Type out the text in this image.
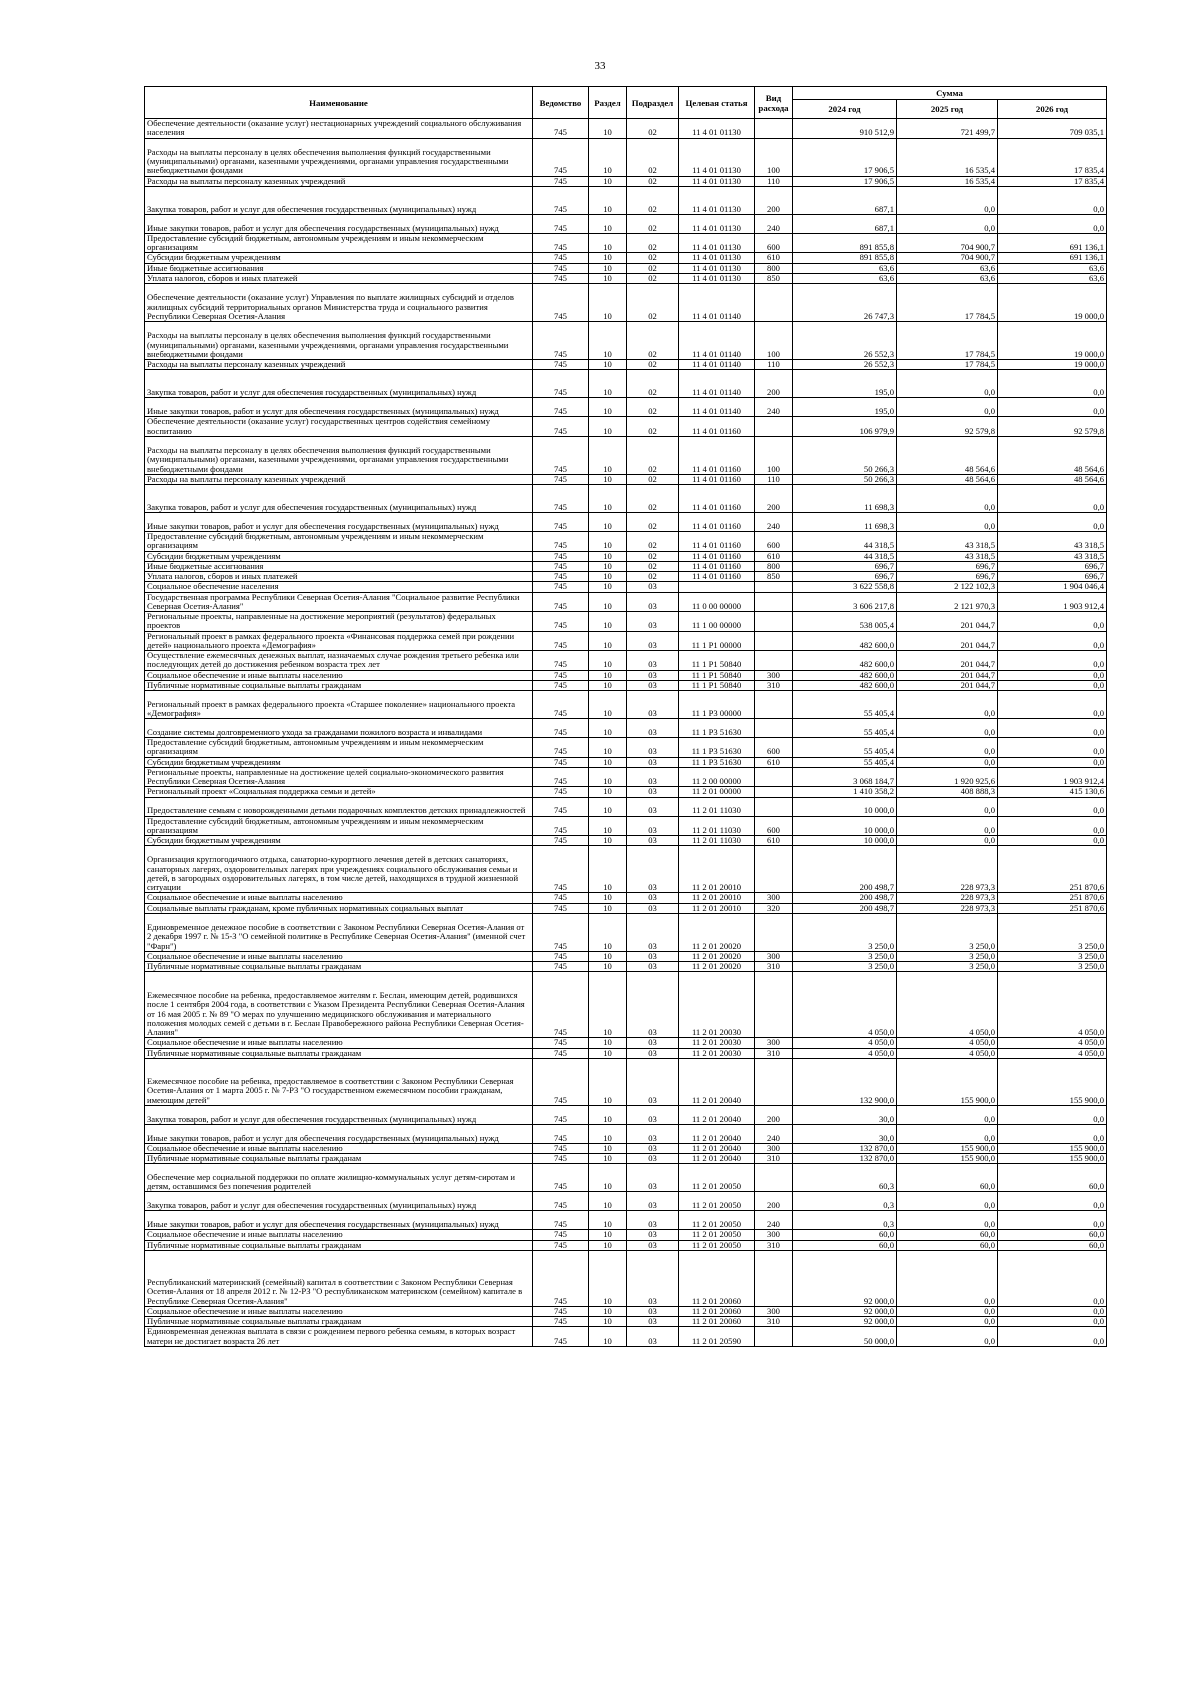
33
Наименование	Ведомство	Раздел	Подраздел	Целевая статья	Вид расхода	Сумма		
						2024 год	2025 год	2026 год
Обеспечение деятельности (оказание услуг) нестационарных учреждений социального обслуживания населения	745	10	02	11 4 01 01130		910 512,9	721 499,7	709 035,1
Расходы на выплаты персоналу в целях обеспечения выполнения функций государственными (муниципальными) органами, казенными учреждениями, органами управления государственными внебюджетными фондами	745	10	02	11 4 01 01130	100	17 906,5	16 535,4	17 835,4
Расходы на выплаты персоналу казенных учреждений	745	10	02	11 4 01 01130	110	17 906,5	16 535,4	17 835,4
Закупка товаров, работ и услуг для обеспечения государственных (муниципальных) нужд	745	10	02	11 4 01 01130	200	687,1	0,0	0,0
Иные закупки товаров, работ и услуг для обеспечения государственных (муниципальных) нужд	745	10	02	11 4 01 01130	240	687,1	0,0	0,0
Предоставление субсидий бюджетным, автономным учреждениям и иным некоммерческим организациям	745	10	02	11 4 01 01130	600	891 855,8	704 900,7	691 136,1
Субсидии бюджетным учреждениям	745	10	02	11 4 01 01130	610	891 855,8	704 900,7	691 136,1
Иные бюджетные ассигнования	745	10	02	11 4 01 01130	800	63,6	63,6	63,6
Уплата налогов, сборов и иных платежей	745	10	02	11 4 01 01130	850	63,6	63,6	63,6
Обеспечение деятельности (оказание услуг) Управления по выплате жилищных субсидий и отделов жилищных субсидий территориальных органов Министерства труда и социального развития Республики Северная Осетия-Алания	745	10	02	11 4 01 01140		26 747,3	17 784,5	19 000,0
Расходы на выплаты персоналу в целях обеспечения выполнения функций государственными (муниципальными) органами, казенными учреждениями, органами управления государственными внебюджетными фондами	745	10	02	11 4 01 01140	100	26 552,3	17 784,5	19 000,0
Расходы на выплаты персоналу казенных учреждений	745	10	02	11 4 01 01140	110	26 552,3	17 784,5	19 000,0
Закупка товаров, работ и услуг для обеспечения государственных (муниципальных) нужд	745	10	02	11 4 01 01140	200	195,0	0,0	0,0
Иные закупки товаров, работ и услуг для обеспечения государственных (муниципальных) нужд	745	10	02	11 4 01 01140	240	195,0	0,0	0,0
Обеспечение деятельности (оказание услуг) государственных центров содействия семейному воспитанию	745	10	02	11 4 01 01160		106 979,9	92 579,8	92 579,8
Расходы на выплаты персоналу в целях обеспечения выполнения функций государственными (муниципальными) органами, казенными учреждениями, органами управления государственными внебюджетными фондами	745	10	02	11 4 01 01160	100	50 266,3	48 564,6	48 564,6
Расходы на выплаты персоналу казенных учреждений	745	10	02	11 4 01 01160	110	50 266,3	48 564,6	48 564,6
Закупка товаров, работ и услуг для обеспечения государственных (муниципальных) нужд	745	10	02	11 4 01 01160	200	11 698,3	0,0	0,0
Иные закупки товаров, работ и услуг для обеспечения государственных (муниципальных) нужд	745	10	02	11 4 01 01160	240	11 698,3	0,0	0,0
Предоставление субсидий бюджетным, автономным учреждениям и иным некоммерческим организациям	745	10	02	11 4 01 01160	600	44 318,5	43 318,5	43 318,5
Субсидии бюджетным учреждениям	745	10	02	11 4 01 01160	610	44 318,5	43 318,5	43 318,5
Иные бюджетные ассигнования	745	10	02	11 4 01 01160	800	696,7	696,7	696,7
Уплата налогов, сборов и иных платежей	745	10	02	11 4 01 01160	850	696,7	696,7	696,7
Социальное обеспечение населения	745	10	03			3 622 558,8	2 122 102,3	1 904 046,4
Государственная программа Республики Северная Осетия-Алания "Социальное развитие Республики Северная Осетия-Алания"	745	10	03	11 0 00 00000		3 606 217,8	2 121 970,3	1 903 912,4
Региональные проекты, направленные на достижение мероприятий (результатов) федеральных проектов	745	10	03	11 1 00 00000		538 005,4	201 044,7	0,0
Региональный проект в рамках федерального проекта «Финансовая поддержка семей при рождении детей» национального проекта «Демография»	745	10	03	11 1 P1 00000		482 600,0	201 044,7	0,0
Осуществление ежемесячных денежных выплат, назначаемых случае рождения третьего ребенка или последующих детей до достижения ребенком возраста трех лет	745	10	03	11 1 P1 50840		482 600,0	201 044,7	0,0
Социальное обеспечение и иные выплаты населению	745	10	03	11 1 P1 50840	300	482 600,0	201 044,7	0,0
Публичные нормативные социальные выплаты гражданам	745	10	03	11 1 P1 50840	310	482 600,0	201 044,7	0,0
Региональный проект в рамках федерального проекта «Старшее поколение» национального проекта «Демография»	745	10	03	11 1 P3 00000		55 405,4	0,0	0,0
Создание системы долговременного ухода за гражданами пожилого возраста и инвалидами	745	10	03	11 1 P3 51630		55 405,4	0,0	0,0
Предоставление субсидий бюджетным, автономным учреждениям и иным некоммерческим организациям	745	10	03	11 1 P3 51630	600	55 405,4	0,0	0,0
Субсидии бюджетным учреждениям	745	10	03	11 1 P3 51630	610	55 405,4	0,0	0,0
Региональные проекты, направленные на достижение целей социально-экономического развития Республики Северная Осетия-Алания	745	10	03	11 2 00 00000		3 068 184,7	1 920 925,6	1 903 912,4
Региональный проект «Социальная поддержка семьи и детей»	745	10	03	11 2 01 00000		1 410 358,2	408 888,3	415 130,6
Предоставление семьям с новорожденными детьми подарочных комплектов детских принадлежностей	745	10	03	11 2 01 11030		10 000,0	0,0	0,0
Предоставление субсидий бюджетным, автономным учреждениям и иным некоммерческим организациям	745	10	03	11 2 01 11030	600	10 000,0	0,0	0,0
Субсидии бюджетным учреждениям	745	10	03	11 2 01 11030	610	10 000,0	0,0	0,0
Организация круглогодичного отдыха, санаторно-курортного лечения детей в детских санаториях, санаторных лагерях, оздоровительных лагерях при учреждениях социального обслуживания семьи и детей, в загородных оздоровительных лагерях, в том числе детей, находящихся в трудной жизненной ситуации	745	10	03	11 2 01 20010		200 498,7	228 973,3	251 870,6
Социальное обеспечение и иные выплаты населению	745	10	03	11 2 01 20010	300	200 498,7	228 973,3	251 870,6
Социальные выплаты гражданам, кроме публичных нормативных социальных выплат	745	10	03	11 2 01 20010	320	200 498,7	228 973,3	251 870,6
Единовременное денежное пособие в соответствии с Законом Республики Северная Осетия-Алания от 2 декабря 1997 г. № 15-З "О семейной политике в Республике Северная Осетия-Алания" (именной счет "Фарн")	745	10	03	11 2 01 20020		3 250,0	3 250,0	3 250,0
Социальное обеспечение и иные выплаты населению	745	10	03	11 2 01 20020	300	3 250,0	3 250,0	3 250,0
Публичные нормативные социальные выплаты гражданам	745	10	03	11 2 01 20020	310	3 250,0	3 250,0	3 250,0
Ежемесячное пособие на ребенка, предоставляемое жителям г. Беслан, имеющим детей, родившихся после 1 сентября 2004 года, в соответствии с Указом Президента Республики Северная Осетия-Алания от 16 мая 2005 г. № 89 "О мерах по улучшению медицинского обслуживания и материального положения молодых семей с детьми в г. Беслан Правобережного района Республики Северная Осетия-Алания"	745	10	03	11 2 01 20030		4 050,0	4 050,0	4 050,0
Социальное обеспечение и иные выплаты населению	745	10	03	11 2 01 20030	300	4 050,0	4 050,0	4 050,0
Публичные нормативные социальные выплаты гражданам	745	10	03	11 2 01 20030	310	4 050,0	4 050,0	4 050,0
Ежемесячное пособие на ребенка, предоставляемое в соответствии с Законом Республики Северная Осетия-Алания от 1 марта 2005 г. № 7-РЗ "О государственном ежемесячном пособии гражданам, имеющим детей"	745	10	03	11 2 01 20040		132 900,0	155 900,0	155 900,0
Закупка товаров, работ и услуг для обеспечения государственных (муниципальных) нужд	745	10	03	11 2 01 20040	200	30,0	0,0	0,0
Иные закупки товаров, работ и услуг для обеспечения государственных (муниципальных) нужд	745	10	03	11 2 01 20040	240	30,0	0,0	0,0
Социальное обеспечение и иные выплаты населению	745	10	03	11 2 01 20040	300	132 870,0	155 900,0	155 900,0
Публичные нормативные социальные выплаты гражданам	745	10	03	11 2 01 20040	310	132 870,0	155 900,0	155 900,0
Обеспечение мер социальной поддержки по оплате жилищно-коммунальных услуг детям-сиротам и детям, оставшимся без попечения родителей	745	10	03	11 2 01 20050		60,3	60,0	60,0
Закупка товаров, работ и услуг для обеспечения государственных (муниципальных) нужд	745	10	03	11 2 01 20050	200	0,3	0,0	0,0
Иные закупки товаров, работ и услуг для обеспечения государственных (муниципальных) нужд	745	10	03	11 2 01 20050	240	0,3	0,0	0,0
Социальное обеспечение и иные выплаты населению	745	10	03	11 2 01 20050	300	60,0	60,0	60,0
Публичные нормативные социальные выплаты гражданам	745	10	03	11 2 01 20050	310	60,0	60,0	60,0
Республиканский материнский (семейный) капитал в соответствии с Законом Республики Северная Осетия-Алания от 18 апреля 2012 г. № 12-РЗ "О республиканском материнском (семейном) капитале в Республике Северная Осетия-Алания"	745	10	03	11 2 01 20060		92 000,0	0,0	0,0
Социальное обеспечение и иные выплаты населению	745	10	03	11 2 01 20060	300	92 000,0	0,0	0,0
Публичные нормативные социальные выплаты гражданам	745	10	03	11 2 01 20060	310	92 000,0	0,0	0,0
Единовременная денежная выплата в связи с рождением первого ребенка семьям, в которых возраст матери не достигает возраста 26 лет	745	10	03	11 2 01 20590		50 000,0	0,0	0,0
